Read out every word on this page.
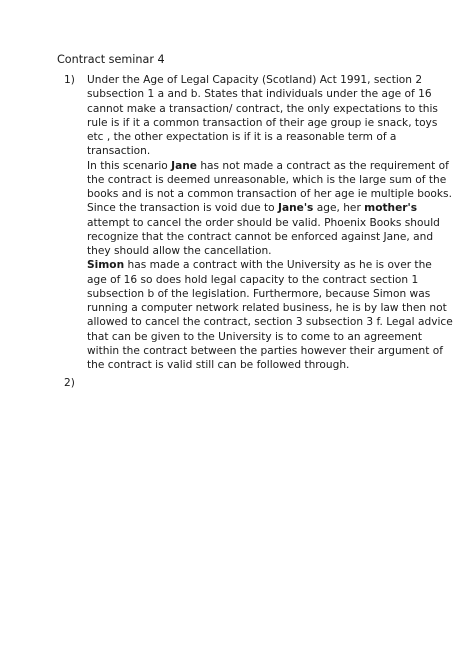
Contract seminar 4
1) Under the Age of Legal Capacity (Scotland) Act 1991, section 2
subsection 1 a and b. States that individuals under the age of 16
cannot make a transaction/ contract, the only expectations to this
rule is if it a common transaction of their age group ie snack, toys
etc , the other expectation is if it is a reasonable term of a
transaction.

In this scenario Jane has not made a contract as the requirement of
the contract is deemed unreasonable, which is the large sum of the
books and is not a common transaction of her age ie multiple books.
Since the transaction is void due to Jane's age, her mother's
attempt to cancel the order should be valid. Phoenix Books should
recognize that the contract cannot be enforced against Jane, and
they should allow the cancellation.

Simon has made a contract with the University as he is over the
age of 16 so does hold legal capacity to the contract section 1
subsection b of the legislation. Furthermore, because Simon was
running a computer network related business, he is by law then not
allowed to cancel the contract, section 3 subsection 3 f. Legal advice
that can be given to the University is to come to an agreement
within the contract between the parties however their argument of
the contract is valid still can be followed through.

2)
